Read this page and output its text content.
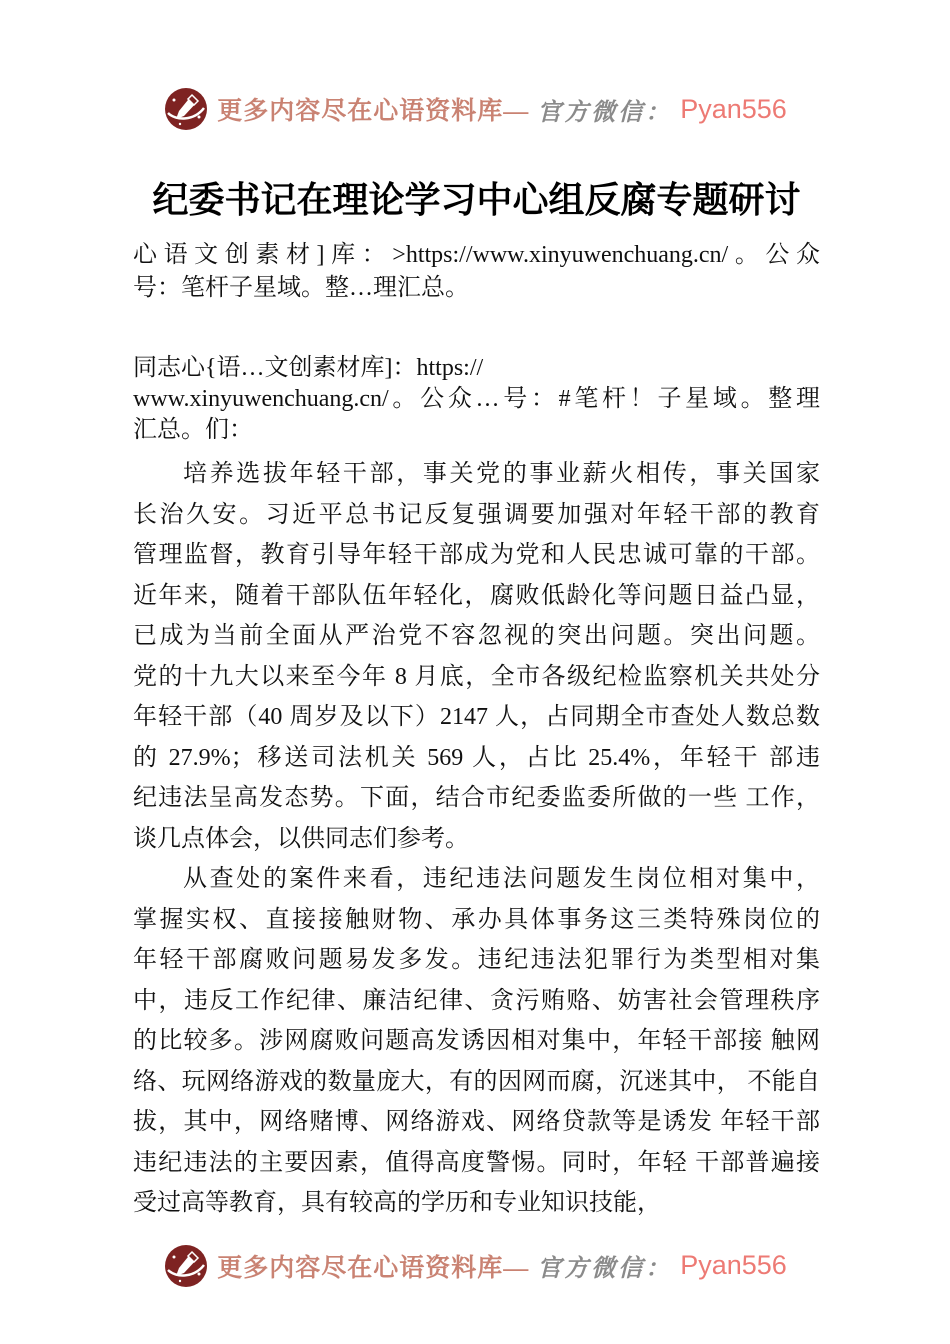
更多内容尽在心语资料库— 官方微信： Pyan556
纪委书记在理论学习中心组反腐专题研讨
心语文创素材]库：>https://www.xinyuwenchuang.cn/。公众
号：笔杆子星域。整…理汇总。
同志心{语…文创素材库]：https://
www.xinyuwenchuang.cn/。公众…号：#笔杆！子星域。整理
汇总。们：
培养选拔年轻干部，事关党的事业薪火相传，事关国家
长治久安。习近平总书记反复强调要加强对年轻干部的教育
管理监督，教育引导年轻干部成为党和人民忠诚可靠的干部。
近年来，随着干部队伍年轻化，腐败低龄化等问题日益凸显，
已成为当前全面从严治党不容忽视的突出问题。突出问题。
党的十九大以来至今年 8 月底，全市各级纪检监察机关共处分
年轻干部（40 周岁及以下）2147 人，占同期全市查处人数总数
的 27.9%；移送司法机关 569 人，占比 25.4%，年轻干 部违
纪违法呈高发态势。下面，结合市纪委监委所做的一些 工作，
谈几点体会，以供同志们参考。
从查处的案件来看，违纪违法问题发生岗位相对集中，
掌握实权、直接接触财物、承办具体事务这三类特殊岗位的
年轻干部腐败问题易发多发。违纪违法犯罪行为类型相对集
中，违反工作纪律、廉洁纪律、贪污贿赂、妨害社会管理秩序
的比较多。涉网腐败问题高发诱因相对集中，年轻干部接 触网
络、玩网络游戏的数量庞大，有的因网而腐，沉迷其中， 不能自
拔，其中，网络赌博、网络游戏、网络贷款等是诱发 年轻干部
违纪违法的主要因素，值得高度警惕。同时，年轻 干部普遍接
受过高等教育，具有较高的学历和专业知识技能，
更多内容尽在心语资料库— 官方微信： Pyan556
